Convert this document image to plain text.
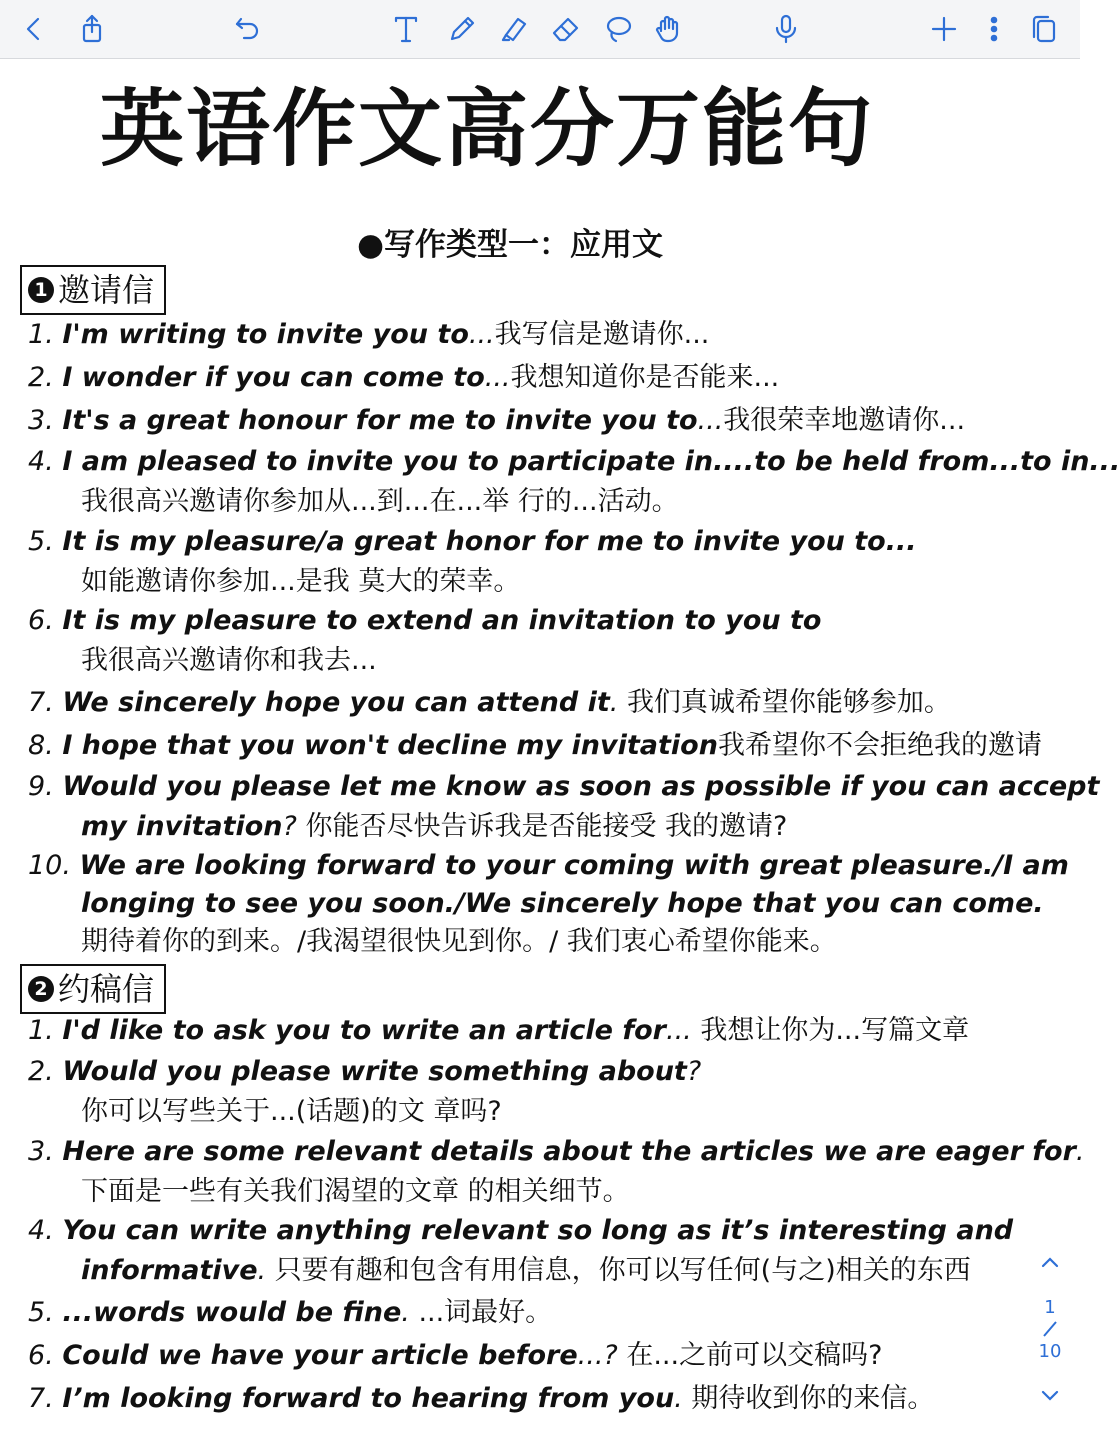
英语作文高分万能句
●写作类型一：应用文
1 邀请信
1. I'm writing to invite you to...我写信是邀请你...
2. I wonder if you can come to...我想知道你是否能来...
3. It's a great honour for me to invite you to...我很荣幸地邀请你...
4. I am pleased to invite you to participate in....to be held from...to in...
我很高兴邀请你参加从...到...在...举 行的...活动。
5. It is my pleasure/a great honor for me to invite you to...
如能邀请你参加...是我 莫大的荣幸。
6. It is my pleasure to extend an invitation to you to
我很高兴邀请你和我去...
7. We sincerely hope you can attend it. 我们真诚希望你能够参加。
8. I hope that you won't decline my invitation我希望你不会拒绝我的邀请
9. Would you please let me know as soon as possible if you can accept
my invitation? 你能否尽快告诉我是否能接受 我的邀请?
10. We are looking forward to your coming with great pleasure./I am
longing to see you soon./We sincerely hope that you can come.
期待着你的到来。/我渴望很快见到你。/ 我们衷心希望你能来。
2 约稿信
1. I'd like to ask you to write an article for... 我想让你为...写篇文章
2. Would you please write something about?
你可以写些关于...(话题)的文 章吗?
3. Here are some relevant details about the articles we are eager for.
下面是一些有关我们渴望的文章 的相关细节。
4. You can write anything relevant so long as it’s interesting and
informative. 只要有趣和包含有用信息，你可以写任何(与之)相关的东西
5. ...words would be fine. ...词最好。
6. Could we have your article before...? 在...之前可以交稿吗?
7. I’m looking forward to hearing from you. 期待收到你的来信。
1
10
